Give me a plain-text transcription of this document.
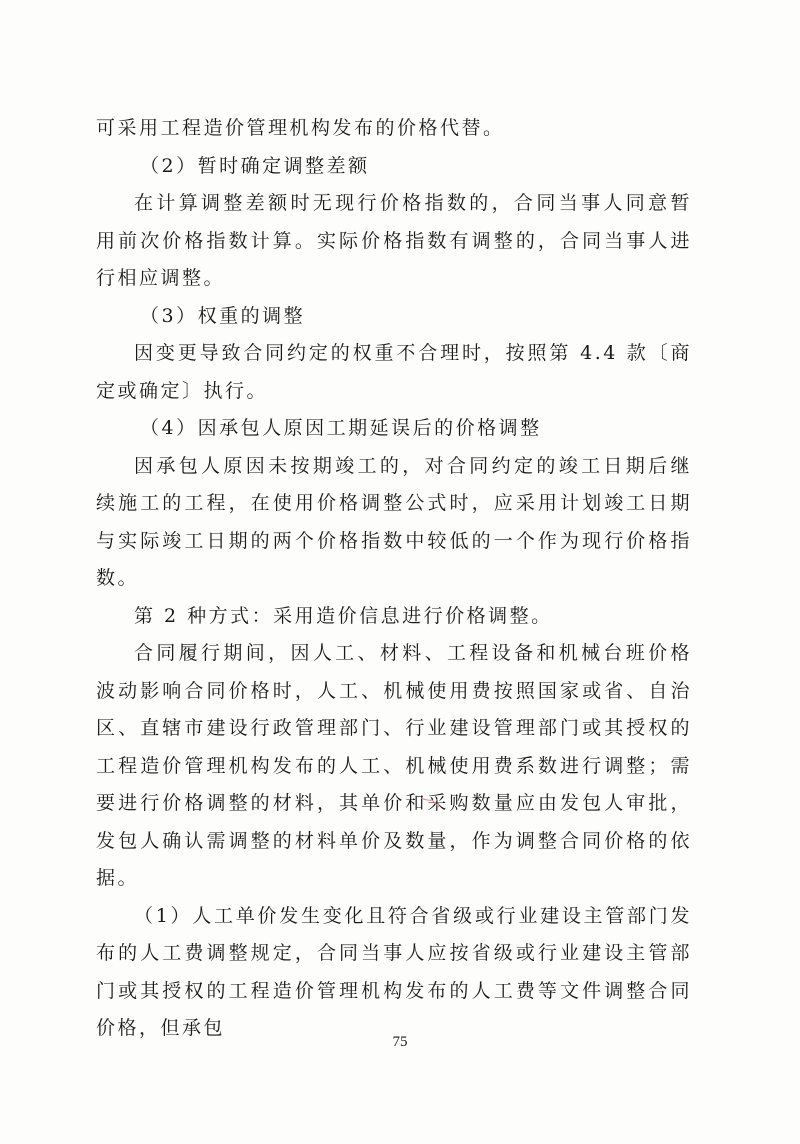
可采用工程造价管理机构发布的价格代替。

（2）暂时确定调整差额

在计算调整差额时无现行价格指数的，合同当事人同意暂用前次价格指数计算。实际价格指数有调整的，合同当事人进行相应调整。

（3）权重的调整

因变更导致合同约定的权重不合理时，按照第 4.4 款〔商定或确定〕执行。

（4）因承包人原因工期延误后的价格调整

因承包人原因未按期竣工的，对合同约定的竣工日期后继续施工的工程，在使用价格调整公式时，应采用计划竣工日期与实际竣工日期的两个价格指数中较低的一个作为现行价格指数。

第 2 种方式：采用造价信息进行价格调整。

合同履行期间，因人工、材料、工程设备和机械台班价格波动影响合同价格时，人工、机械使用费按照国家或省、自治区、直辖市建设行政管理部门、行业建设管理部门或其授权的工程造价管理机构发布的人工、机械使用费系数进行调整；需要进行价格调整的材料，其单价和采购数量应由发包人审批，发包人确认需调整的材料单价及数量，作为调整合同价格的依据。

（1）人工单价发生变化且符合省级或行业建设主管部门发布的人工费调整规定，合同当事人应按省级或行业建设主管部门或其授权的工程造价管理机构发布的人工费等文件调整合同价格，但承包

75
